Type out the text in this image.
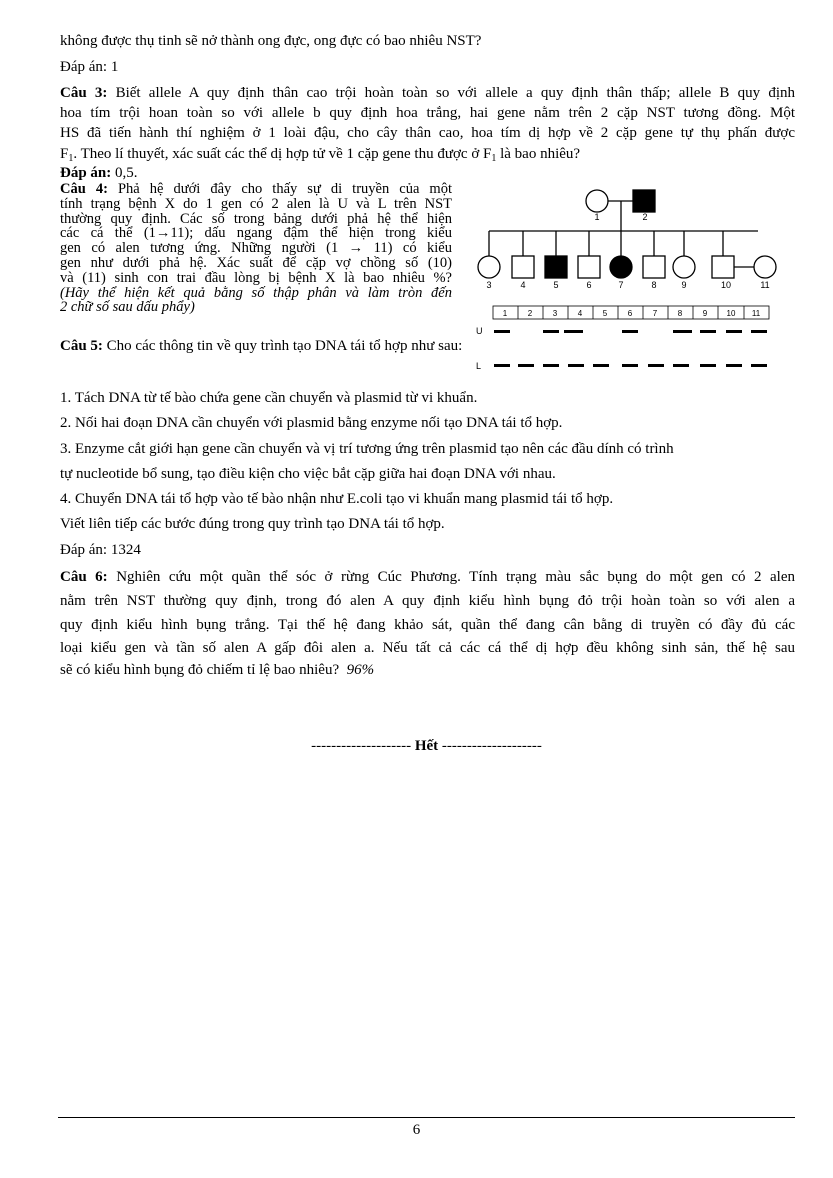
không được thụ tinh sẽ nở thành ong đực, ong đực có bao nhiêu NST?
Đáp án: 1
Câu 3: Biết allele A quy định thân cao trội hoàn toàn so với allele a quy định thân thấp; allele B quy định
hoa tím trội hoan toàn so với allele b quy định hoa trắng, hai gene nằm trên 2 cặp NST tương đồng. Một
HS đã tiến hành thí nghiệm ở 1 loài đậu, cho cây thân cao, hoa tím dị hợp về 2 cặp gene tự thụ phấn được
$F_1$. Theo lí thuyết, xác suất các thể dị hợp tử về 1 cặp gene thu được ở $F_1$ là bao nhiêu?
Đáp án: 0,5.
Câu 4: Phả hệ dưới đây cho thấy sự di truyền của một
tính trạng bệnh X do 1 gen có 2 alen là U và L trên NST
thường quy định. Các số trong bảng dưới phả hệ thể hiện
các cá thể (1→11); dấu ngang đậm thể hiện trong kiểu
gen có alen tương ứng. Những người (1 → 11) có kiểu
gen như dưới phả hệ. Xác suất để cặp vợ chồng số (10)
và (11) sinh con trai đầu lòng bị bệnh X là bao nhiêu %?
(Hãy thể hiện kết quả bằng số thập phân và làm tròn đến
2 chữ số sau dấu phẩy)
1	2
3	4	5	6	7	8	9	10	11
1	2	3	4	5	6	7	8	9 10 11
U
L
Câu 5: Cho các thông tin về quy trình tạo DNA tái tổ hợp như sau:
1. Tách DNA từ tế bào chứa gene cần chuyển và plasmid từ vi khuẩn.
2. Nối hai đoạn DNA cần chuyển với plasmid bằng enzyme nối tạo DNA tái tổ hợp.
3. Enzyme cắt giới hạn gene cần chuyển và vị trí tương ứng trên plasmid tạo nên các đầu dính có trình
tự nucleotide bổ sung, tạo điều kiện cho việc bắt cặp giữa hai đoạn DNA với nhau.
4. Chuyển DNA tái tổ hợp vào tế bào nhận như E.coli tạo vi khuẩn mang plasmid tái tổ hợp.
Viết liên tiếp các bước đúng trong quy trình tạo DNA tái tổ hợp.
Đáp án: 1324
Câu 6: Nghiên cứu một quần thể sóc ở rừng Cúc Phương. Tính trạng màu sắc bụng do một gen có 2 alen
nằm trên NST thường quy định, trong đó alen A quy định kiểu hình bụng đỏ trội hoàn toàn so với alen a
quy định kiểu hình bụng trắng. Tại thế hệ đang khảo sát, quần thể đang cân bằng di truyền có đầy đủ các
loại kiểu gen và tần số alen A gấp đôi alen a. Nếu tất cả các cá thể dị hợp đều không sinh sản, thế hệ sau
sẽ có kiểu hình bụng đỏ chiếm tỉ lệ bao nhiêu? 96%
-------------------- Hết --------------------
6
